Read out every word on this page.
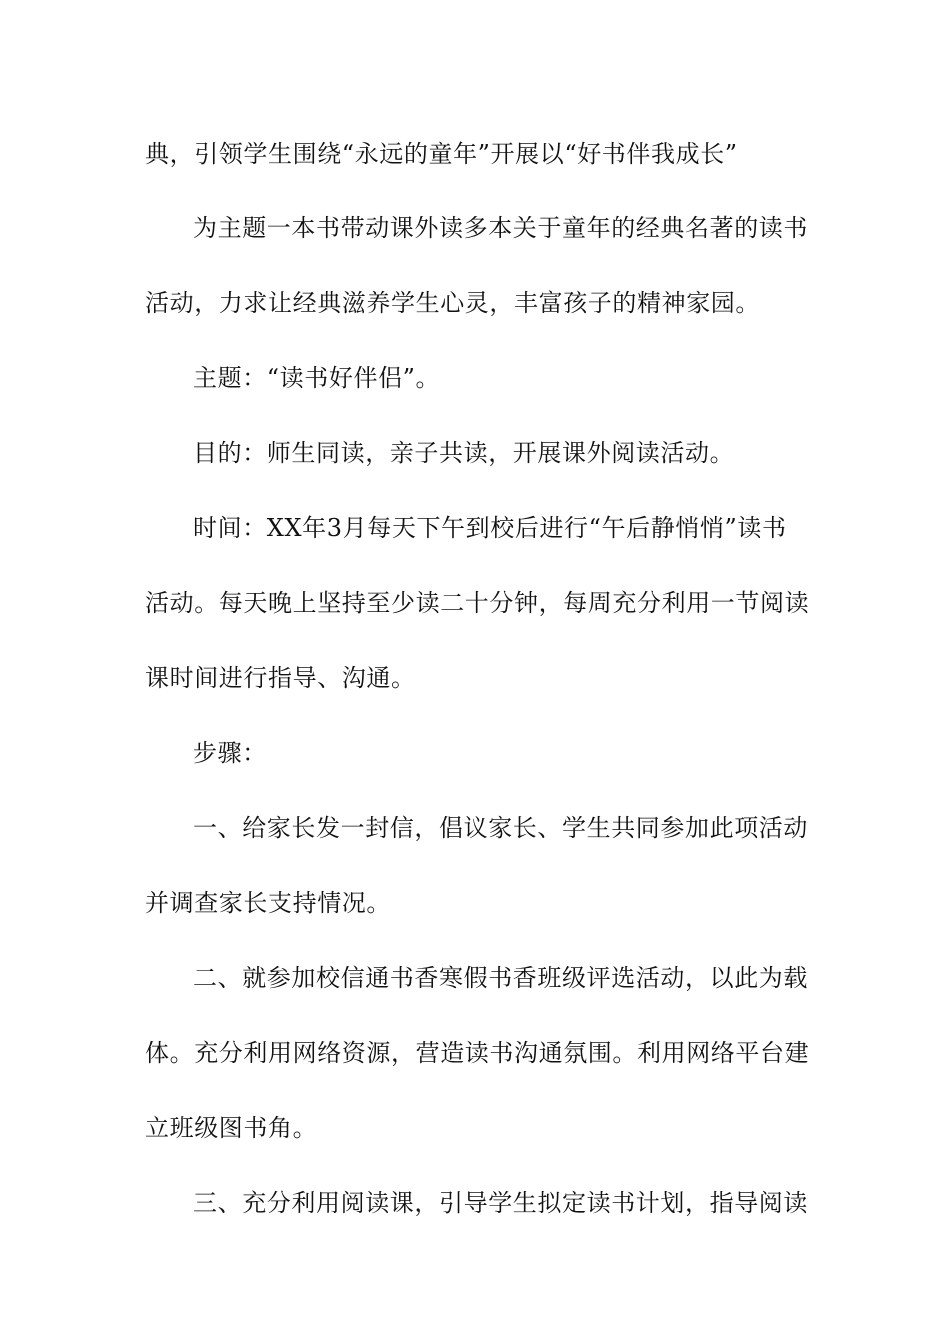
典，引领学生围绕“永远的童年”开展以“好书伴我成长”
为主题一本书带动课外读多本关于童年的经典名著的读书
活动，力求让经典滋养学生心灵，丰富孩子的精神家园。
主题：“读书好伴侣”。
目的：师生同读，亲子共读，开展课外阅读活动。
时间：XX年3月每天下午到校后进行“午后静悄悄”读书
活动。每天晚上坚持至少读二十分钟，每周充分利用一节阅读
课时间进行指导、沟通。
步骤：
一、给家长发一封信，倡议家长、学生共同参加此项活动
并调查家长支持情况。
二、就参加校信通书香寒假书香班级评选活动，以此为载
体。充分利用网络资源，营造读书沟通氛围。利用网络平台建
立班级图书角。
三、充分利用阅读课，引导学生拟定读书计划，指导阅读
